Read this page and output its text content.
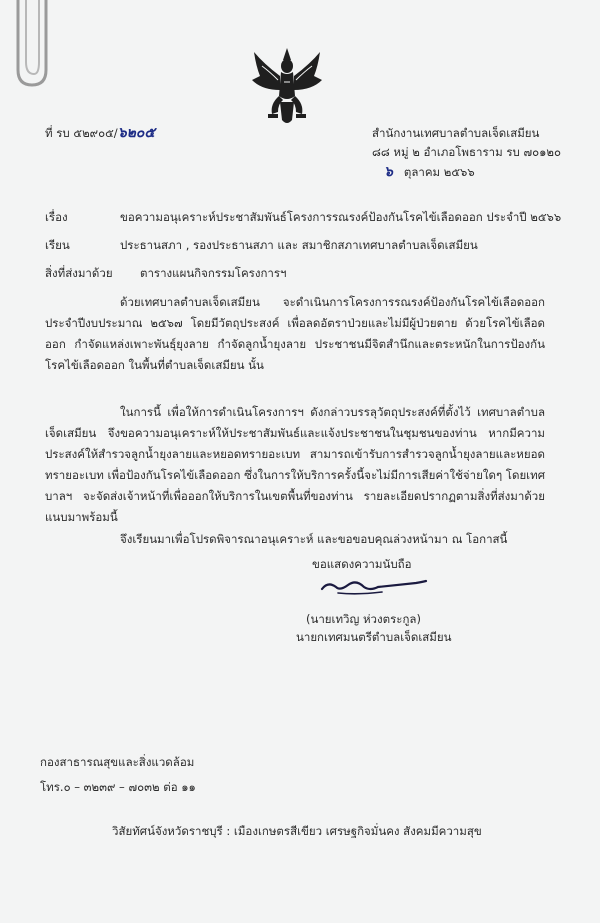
ที่ รบ ๕๒๙๐๕/๖๒๐๕	สำนักงานเทศบาลตำบลเจ็ดเสมียน
๘๘ หมู่ ๒ อำเภอโพธาราม รบ ๗๐๑๒๐
๖ ตุลาคม ๒๕๖๖
เรื่อง	ขอความอนุเคราะห์ประชาสัมพันธ์โครงการรณรงค์ป้องกันโรคไข้เลือดออก ประจำปี ๒๕๖๖
เรียน	ประธานสภา , รองประธานสภา และ สมาชิกสภาเทศบาลตำบลเจ็ดเสมียน
สิ่งที่ส่งมาด้วย ตารางแผนกิจกรรมโครงการฯ
ด้วยเทศบาลตำบลเจ็ดเสมียน จะดำเนินการโครงการรณรงค์ป้องกันโรคไข้เลือดออก ประจำปีงบประมาณ ๒๕๖๗ โดยมีวัตถุประสงค์ เพื่อลดอัตราป่วยและไม่มีผู้ป่วยตาย ด้วยโรคไข้เลือดออก กำจัดแหล่งเพาะพันธุ์ยุงลาย กำจัดลูกน้ำยุงลาย ประชาชนมีจิตสำนึกและตระหนักในการป้องกันโรคไข้เลือดออก ในพื้นที่ตำบลเจ็ดเสมียน นั้น
ในการนี้ เพื่อให้การดำเนินโครงการฯ ดังกล่าวบรรลุวัตถุประสงค์ที่ตั้งไว้ เทศบาลตำบลเจ็ดเสมียน จึงขอความอนุเคราะห์ให้ประชาสัมพันธ์และแจ้งประชาชนในชุมชนของท่าน หากมีความประสงค์ให้สำรวจลูกน้ำยุงลายและหยอดทรายอะเบท สามารถเข้ารับการสำรวจลูกน้ำยุงลายและหยอดทรายอะเบท เพื่อป้องกันโรคไข้เลือดออก ซึ่งในการให้บริการครั้งนี้จะไม่มีการเสียค่าใช้จ่ายใดๆ โดยเทศบาลฯ จะจัดส่งเจ้าหน้าที่เพื่อออกให้บริการในเขตพื้นที่ของท่าน รายละเอียดปรากฏตามสิ่งที่ส่งมาด้วย แนบมาพร้อมนี้
จึงเรียนมาเพื่อโปรดพิจารณาอนุเคราะห์ และขอขอบคุณล่วงหน้ามา ณ โอกาสนี้
ขอแสดงความนับถือ
(นายเทวิญ ห่วงตระกูล)
นายกเทศมนตรีตำบลเจ็ดเสมียน
กองสาธารณสุขและสิ่งแวดล้อม
โทร.๐ – ๓๒๓๙ – ๗๐๓๒ ต่อ ๑๑
วิสัยทัศน์จังหวัดราชบุรี : เมืองเกษตรสีเขียว เศรษฐกิจมั่นคง สังคมมีความสุข
